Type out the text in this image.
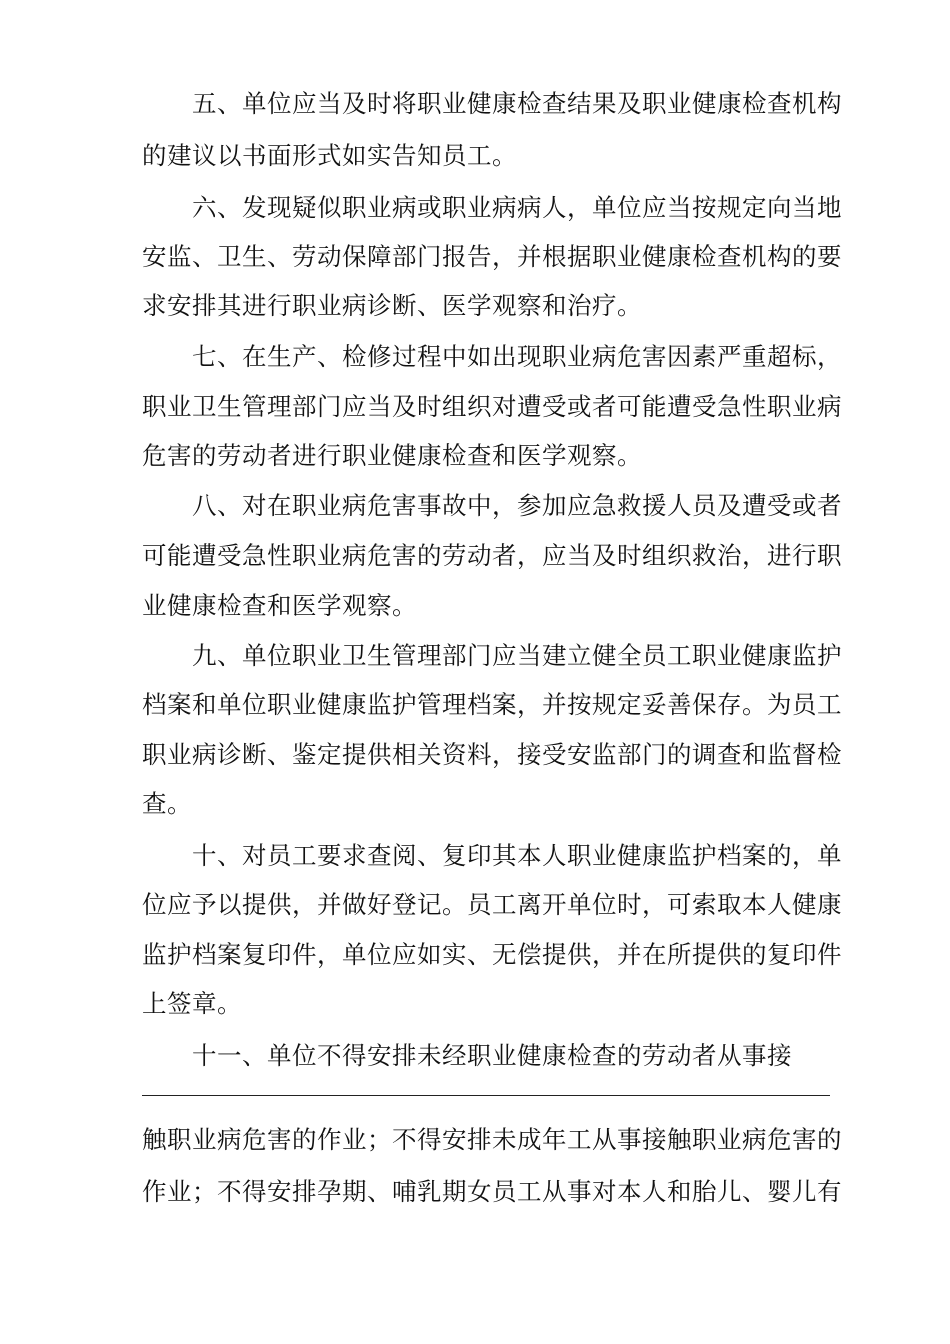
五、单位应当及时将职业健康检查结果及职业健康检查机构
的建议以书面形式如实告知员工。
六、发现疑似职业病或职业病病人，单位应当按规定向当地
安监、卫生、劳动保障部门报告，并根据职业健康检查机构的要
求安排其进行职业病诊断、医学观察和治疗。
七、在生产、检修过程中如出现职业病危害因素严重超标，
职业卫生管理部门应当及时组织对遭受或者可能遭受急性职业病
危害的劳动者进行职业健康检查和医学观察。
八、对在职业病危害事故中，参加应急救援人员及遭受或者
可能遭受急性职业病危害的劳动者，应当及时组织救治，进行职
业健康检查和医学观察。
九、单位职业卫生管理部门应当建立健全员工职业健康监护
档案和单位职业健康监护管理档案，并按规定妥善保存。为员工
职业病诊断、鉴定提供相关资料，接受安监部门的调查和监督检
查。
十、对员工要求查阅、复印其本人职业健康监护档案的，单
位应予以提供，并做好登记。员工离开单位时，可索取本人健康
监护档案复印件，单位应如实、无偿提供，并在所提供的复印件
上签章。
十一、单位不得安排未经职业健康检查的劳动者从事接
触职业病危害的作业；不得安排未成年工从事接触职业病危害的
作业；不得安排孕期、哺乳期女员工从事对本人和胎儿、婴儿有
